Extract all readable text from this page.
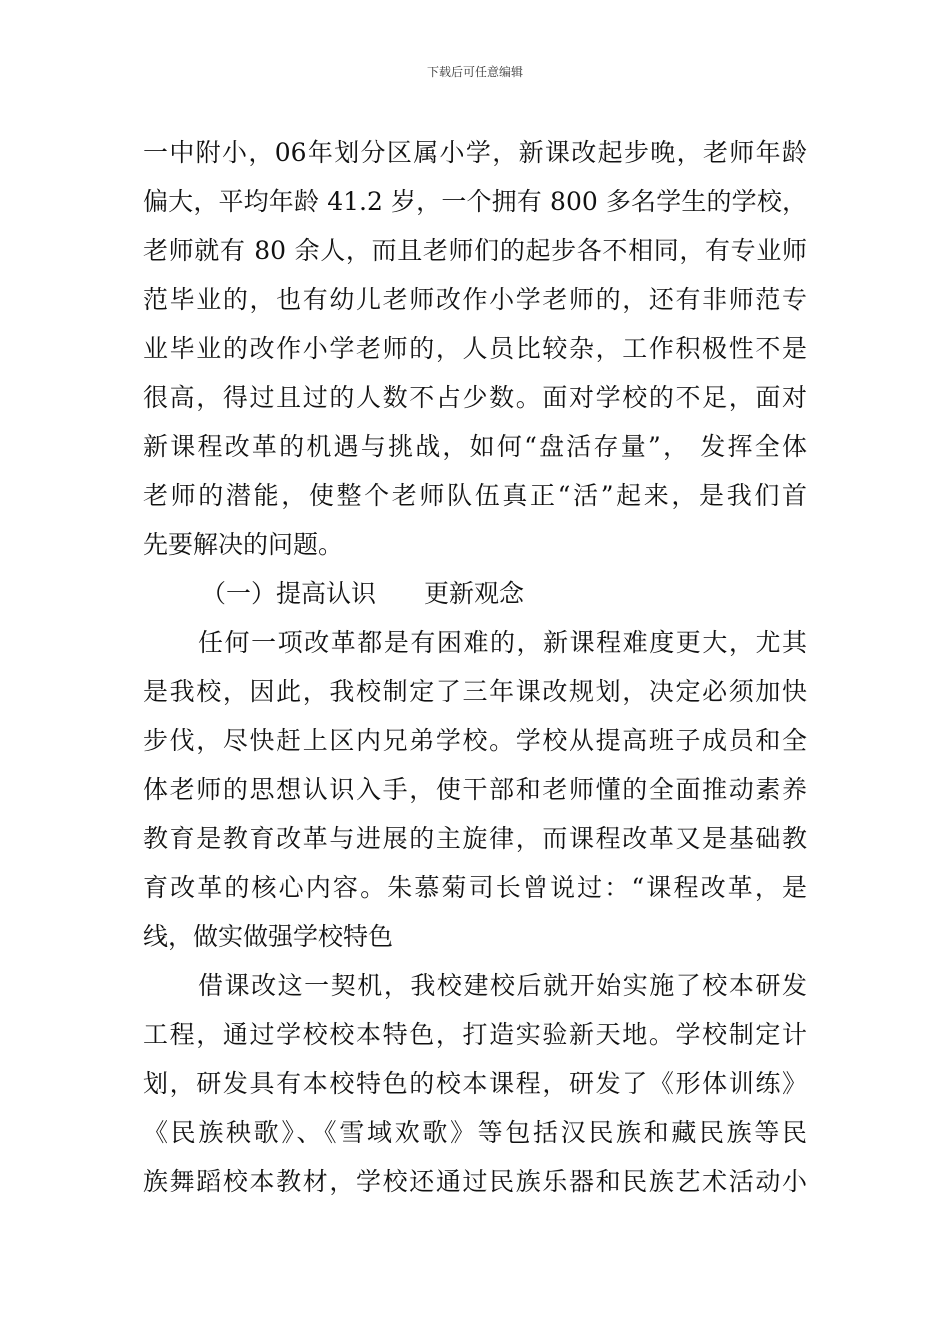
下载后可任意编辑
一中附小，06年划分区属小学，新课改起步晚，老师年龄
偏大，平均年龄 41.2 岁，一个拥有 800 多名学生的学校，
老师就有 80 余人，而且老师们的起步各不相同，有专业师
范毕业的，也有幼儿老师改作小学老师的，还有非师范专
业毕业的改作小学老师的，人员比较杂，工作积极性不是
很高，得过且过的人数不占少数。面对学校的不足，面对
新课程改革的机遇与挑战，如何“盘活存量”， 发挥全体
老师的潜能，使整个老师队伍真正“活”起来，是我们首
先要解决的问题。
（一）提高认识 更新观念
任何一项改革都是有困难的，新课程难度更大，尤其
是我校，因此，我校制定了三年课改规划，决定必须加快
步伐，尽快赶上区内兄弟学校。学校从提高班子成员和全
体老师的思想认识入手，使干部和老师懂的全面推动素养
教育是教育改革与进展的主旋律，而课程改革又是基础教
育改革的核心内容。朱慕菊司长曾说过：“课程改革，是
线，做实做强学校特色
借课改这一契机，我校建校后就开始实施了校本研发
工程，通过学校校本特色，打造实验新天地。学校制定计
划，研发具有本校特色的校本课程，研发了《形体训练》
《民族秧歌》、《雪域欢歌》等包括汉民族和藏民族等民
族舞蹈校本教材，学校还通过民族乐器和民族艺术活动小
